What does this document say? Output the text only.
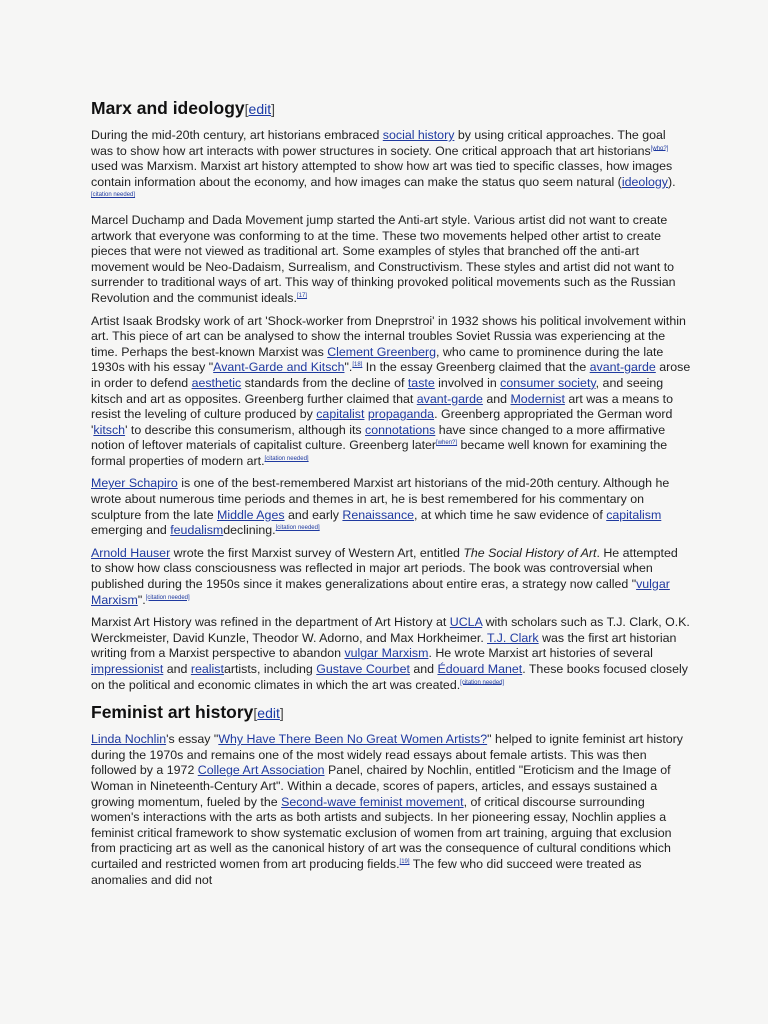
Marx and ideology[edit]

During the mid-20th century, art historians embraced social history by using critical approaches. The goal was to show how art interacts with power structures in society. One critical approach that art historians[who?] used was Marxism. Marxist art history attempted to show how art was tied to specific classes, how images contain information about the economy, and how images can make the status quo seem natural (ideology).[citation needed]

Marcel Duchamp and Dada Movement jump started the Anti-art style. Various artist did not want to create artwork that everyone was conforming to at the time. These two movements helped other artist to create pieces that were not viewed as traditional art. Some examples of styles that branched off the anti-art movement would be Neo-Dadaism, Surrealism, and Constructivism. These styles and artist did not want to surrender to traditional ways of art. This way of thinking provoked political movements such as the Russian Revolution and the communist ideals.[17]

Artist Isaak Brodsky work of art 'Shock-worker from Dneprstroi' in 1932 shows his political involvement within art. This piece of art can be analysed to show the internal troubles Soviet Russia was experiencing at the time. Perhaps the best-known Marxist was Clement Greenberg, who came to prominence during the late 1930s with his essay "Avant-Garde and Kitsch".[18] In the essay Greenberg claimed that the avant-garde arose in order to defend aesthetic standards from the decline of taste involved in consumer society, and seeing kitsch and art as opposites. Greenberg further claimed that avant-garde and Modernist art was a means to resist the leveling of culture produced by capitalist propaganda. Greenberg appropriated the German word 'kitsch' to describe this consumerism, although its connotations have since changed to a more affirmative notion of leftover materials of capitalist culture. Greenberg later[when?] became well known for examining the formal properties of modern art.[citation needed]

Meyer Schapiro is one of the best-remembered Marxist art historians of the mid-20th century. Although he wrote about numerous time periods and themes in art, he is best remembered for his commentary on sculpture from the late Middle Ages and early Renaissance, at which time he saw evidence of capitalism emerging and feudalismdeclining.[citation needed]

Arnold Hauser wrote the first Marxist survey of Western Art, entitled The Social History of Art. He attempted to show how class consciousness was reflected in major art periods. The book was controversial when published during the 1950s since it makes generalizations about entire eras, a strategy now called "vulgar Marxism".[citation needed]

Marxist Art History was refined in the department of Art History at UCLA with scholars such as T.J. Clark, O.K. Werckmeister, David Kunzle, Theodor W. Adorno, and Max Horkheimer. T.J. Clark was the first art historian writing from a Marxist perspective to abandon vulgar Marxism. He wrote Marxist art histories of several impressionist and realistartists, including Gustave Courbet and Édouard Manet. These books focused closely on the political and economic climates in which the art was created.[citation needed]

Feminist art history[edit]

Linda Nochlin's essay "Why Have There Been No Great Women Artists?" helped to ignite feminist art history during the 1970s and remains one of the most widely read essays about female artists. This was then followed by a 1972 College Art Association Panel, chaired by Nochlin, entitled "Eroticism and the Image of Woman in Nineteenth-Century Art". Within a decade, scores of papers, articles, and essays sustained a growing momentum, fueled by the Second-wave feminist movement, of critical discourse surrounding women's interactions with the arts as both artists and subjects. In her pioneering essay, Nochlin applies a feminist critical framework to show systematic exclusion of women from art training, arguing that exclusion from practicing art as well as the canonical history of art was the consequence of cultural conditions which curtailed and restricted women from art producing fields.[19] The few who did succeed were treated as anomalies and did not
